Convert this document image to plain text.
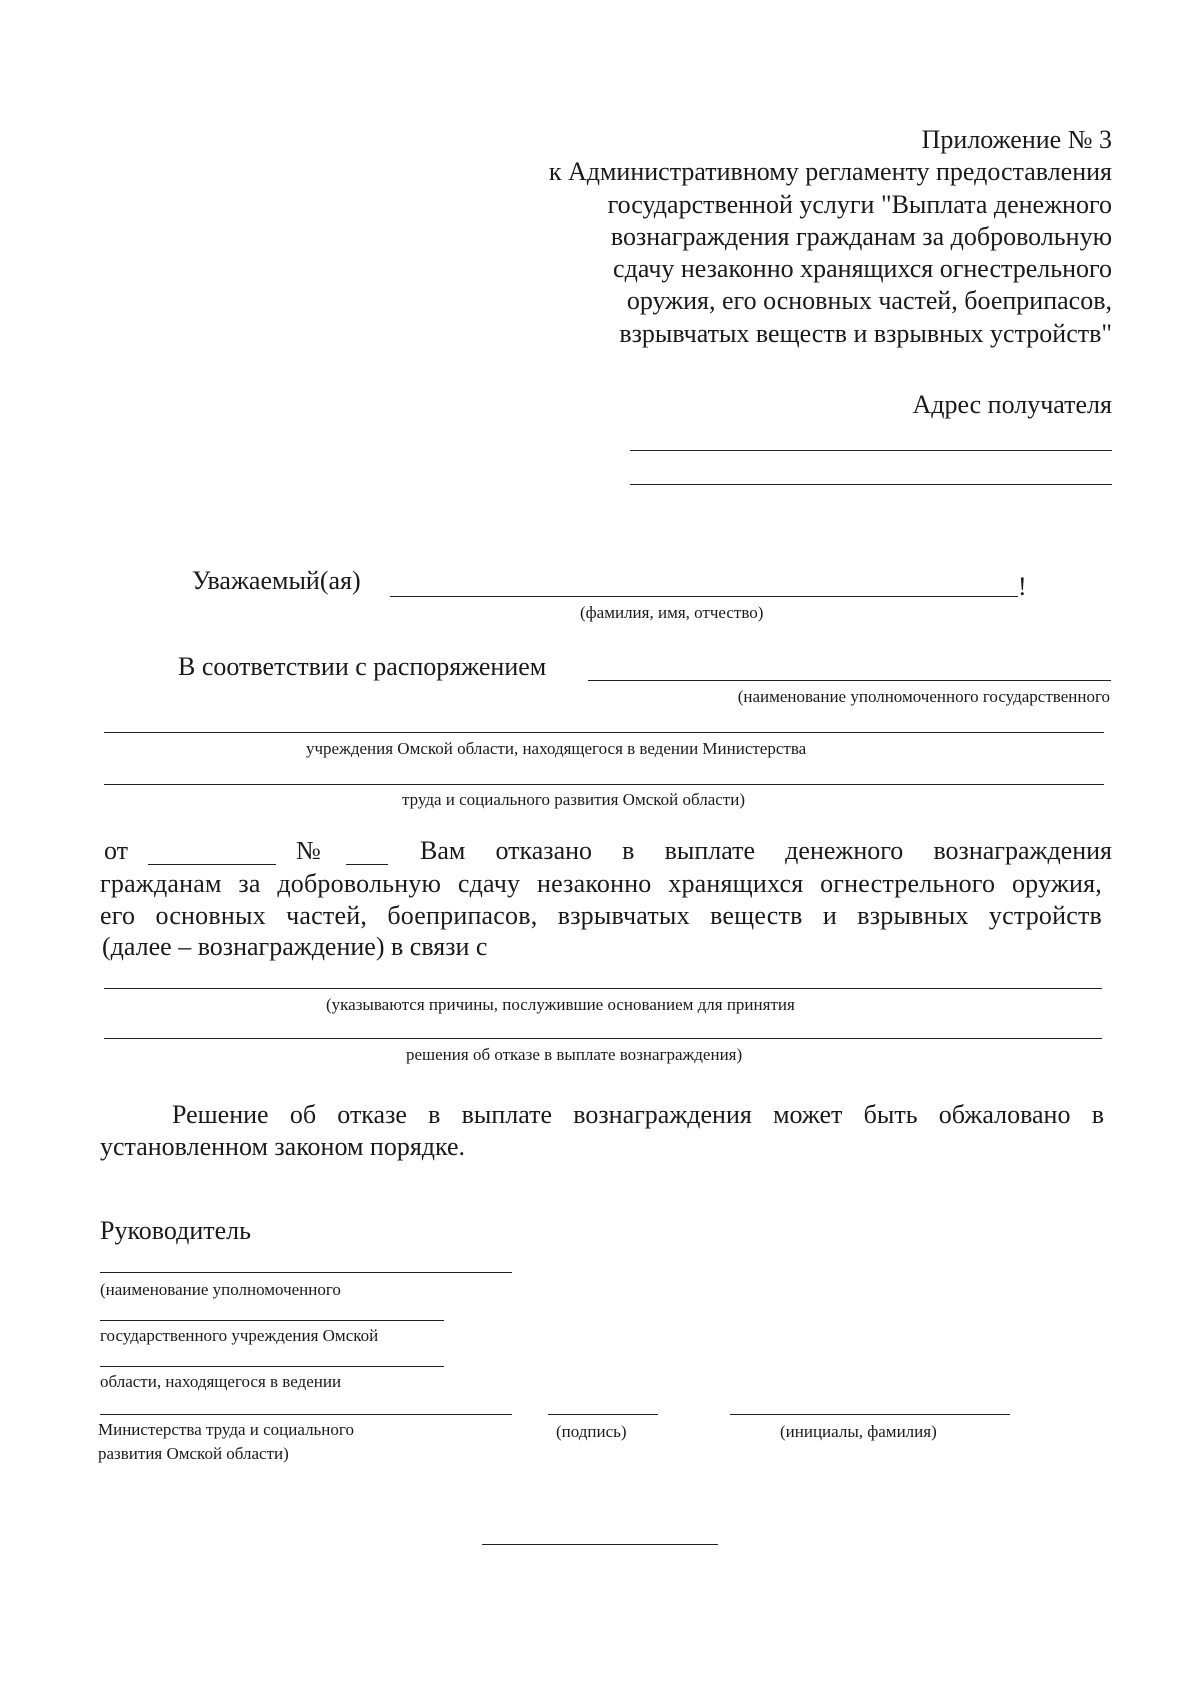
Приложение № 3
к Административному регламенту предоставления
государственной услуги "Выплата денежного
вознаграждения гражданам за добровольную
сдачу незаконно хранящихся огнестрельного
оружия, его основных частей, боеприпасов,
взрывчатых веществ и взрывных устройств"
Адрес получателя
Уважаемый(ая)	!
(фамилия, имя, отчество)
В соответствии с распоряжением
(наименование уполномоченного государственного
учреждения Омской области, находящегося в ведении Министерства
труда и социального развития Омской области)
от	№	Вам отказано в выплате денежного вознаграждения
гражданам за добровольную сдачу незаконно хранящихся огнестрельного оружия,
его основных частей, боеприпасов, взрывчатых веществ и взрывных устройств
(далее – вознаграждение) в связи с
(указываются причины, послужившие основанием для принятия
решения об отказе в выплате вознаграждения)
Решение об отказе в выплате вознаграждения может быть обжаловано в
установленном законом порядке.
Руководитель
(наименование уполномоченного
государственного учреждения Омской
области, находящегося в ведении
Министерства труда и социального
развития Омской области)
(подпись)	(инициалы, фамилия)
